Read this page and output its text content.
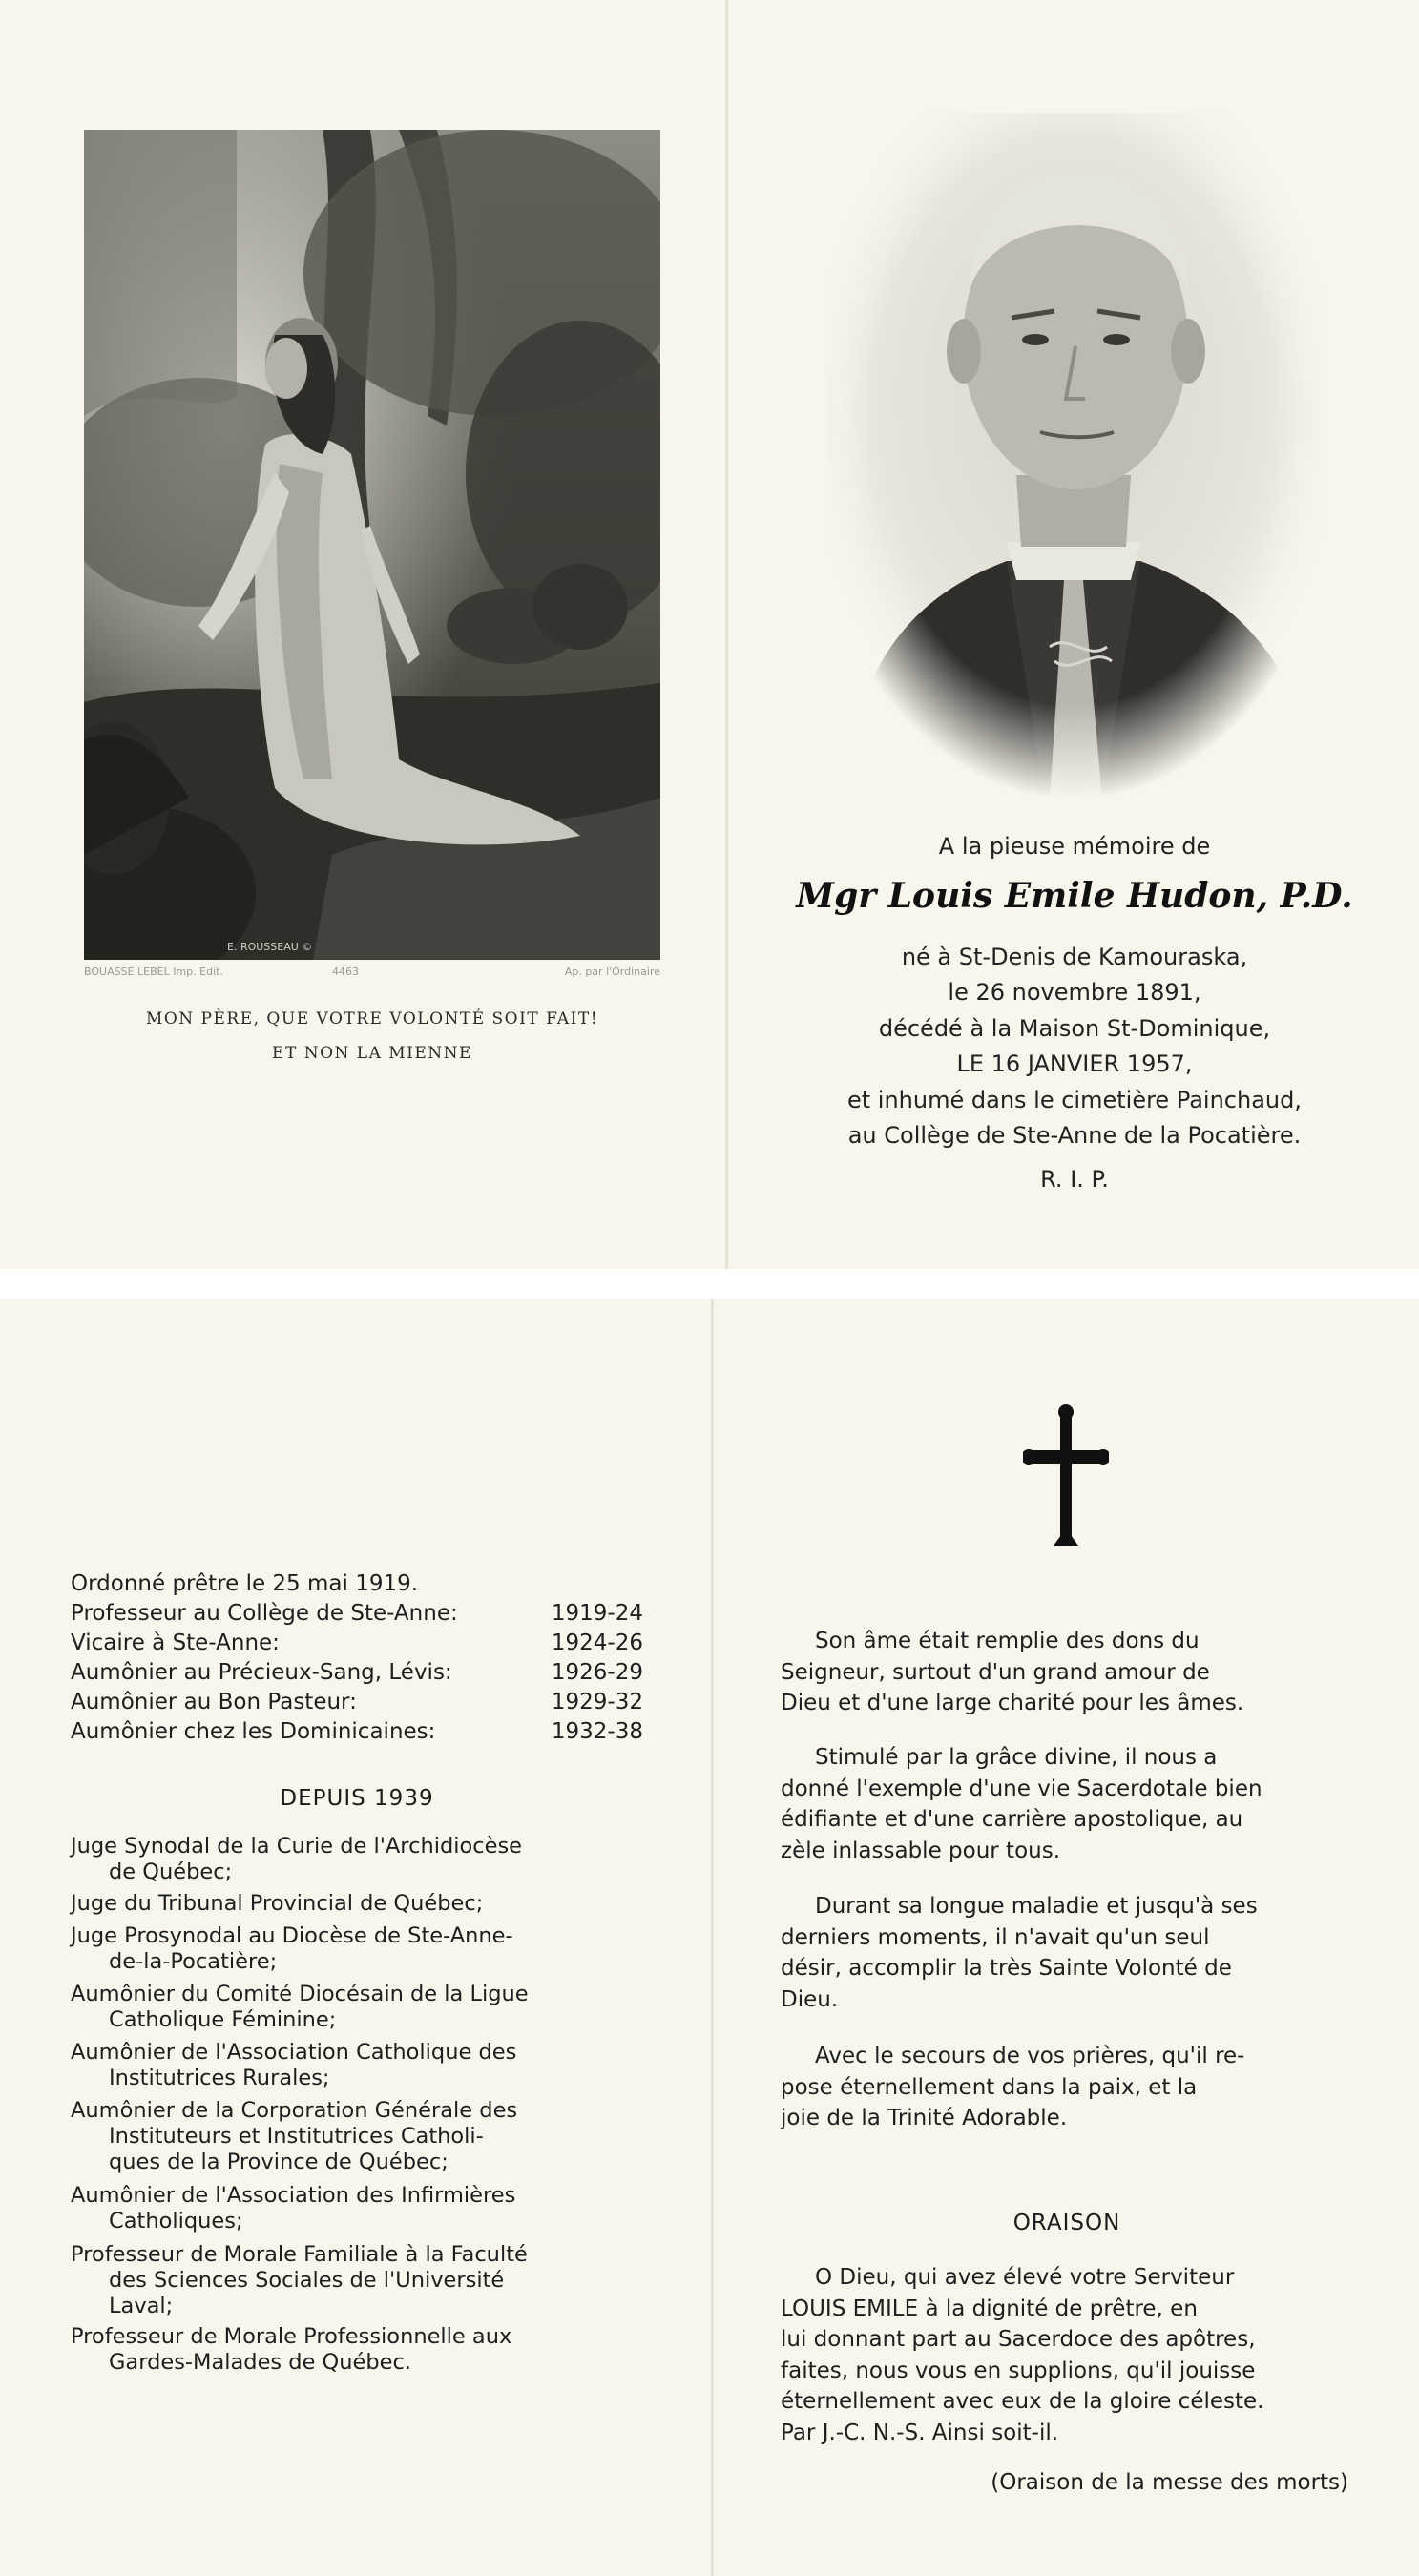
E. ROUSSEAU ©
BOUASSE LEBEL Imp. Edit.	4463	Ap. par l'Ordinaire
MON PÈRE, QUE VOTRE VOLONTÉ SOIT FAIT!
ET NON LA MIENNE
A la pieuse mémoire de
Mgr Louis Emile Hudon, P.D.
né à St-Denis de Kamouraska,
le 26 novembre 1891,
décédé à la Maison St-Dominique,
LE 16 JANVIER 1957,
et inhumé dans le cimetière Painchaud,
au Collège de Ste-Anne de la Pocatière.
R. I. P.
Ordonné prêtre le 25 mai 1919.
Professeur au Collège de Ste-Anne:	1919-24
Vicaire à Ste-Anne:	1924-26
Aumônier au Précieux-Sang, Lévis:	1926-29
Aumônier au Bon Pasteur:	1929-32
Aumônier chez les Dominicaines:	1932-38
DEPUIS 1939
Juge Synodal de la Curie de l'Archidiocèse
de Québec;
Juge du Tribunal Provincial de Québec;
Juge Prosynodal au Diocèse de Ste-Anne-
de-la-Pocatière;
Aumônier du Comité Diocésain de la Ligue
Catholique Féminine;
Aumônier de l'Association Catholique des
Institutrices Rurales;
Aumônier de la Corporation Générale des
Instituteurs et Institutrices Catholi-
ques de la Province de Québec;
Aumônier de l'Association des Infirmières
Catholiques;
Professeur de Morale Familiale à la Faculté
des Sciences Sociales de l'Université
Laval;
Professeur de Morale Professionnelle aux
Gardes-Malades de Québec.
Son âme était remplie des dons du
Seigneur, surtout d'un grand amour de
Dieu et d'une large charité pour les âmes.
Stimulé par la grâce divine, il nous a
donné l'exemple d'une vie Sacerdotale bien
édifiante et d'une carrière apostolique, au
zèle inlassable pour tous.
Durant sa longue maladie et jusqu'à ses
derniers moments, il n'avait qu'un seul
désir, accomplir la très Sainte Volonté de
Dieu.
Avec le secours de vos prières, qu'il re-
pose éternellement dans la paix, et la
joie de la Trinité Adorable.
ORAISON
O Dieu, qui avez élevé votre Serviteur
LOUIS EMILE à la dignité de prêtre, en
lui donnant part au Sacerdoce des apôtres,
faites, nous vous en supplions, qu'il jouisse
éternellement avec eux de la gloire céleste.
Par J.-C. N.-S. Ainsi soit-il.
(Oraison de la messe des morts)
